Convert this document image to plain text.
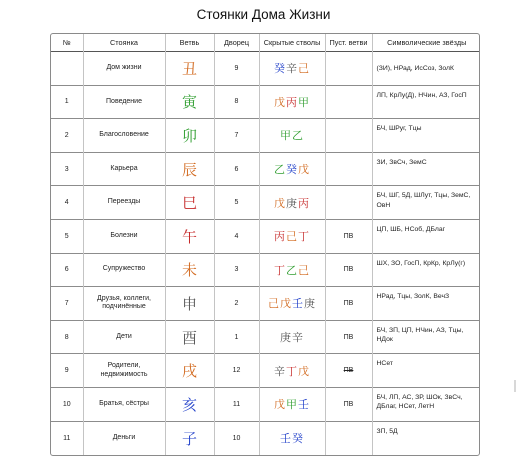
Стоянки Дома Жизни
№	Стоянка	Ветвь	Дворец	Скрытые стволы	Пуст. ветви	Символические звёзды
	Дом жизни	丑	9	癸辛己		(ЗИ), НРад, ИсСоз, ЗолК
1	Поведение	寅	8	戊丙甲		ЛП, КрЛу(Д), НЧин, АЗ, ГосП
2	Благословение	卯	7	甲乙		БЧ, ШРуг, Тцы
3	Карьера	辰	6	乙癸戊		ЗИ, ЗвСч, ЗемС
4	Переезды	巳	5	戊庚丙		БЧ, ШГ, 5Д, ШЛут, Тцы, ЗемС, ОвН
5	Болезни	午	4	丙己丁	ПВ	ЦП, ШБ, НСоб, ДБлаг
6	Супружество	未	3	丁乙己	ПВ	ШХ, ЗО, ГосП, КрКр, КрЛу(г)
7	Друзья, коллеги, подчинённые	申	2	己戊壬庚	ПВ	НРад, Тцы, ЗолК, ВечЗ
8	Дети	酉	1	庚辛	ПВ	БЧ, ЗП, ЦП, НЧин, АЗ, Тцы, НДок
9	Родители, недвижимость	戌	12	辛丁戊	ПВ	НСет
10	Братья, сёстры	亥	11	戊甲壬	ПВ	БЧ, ЛП, АС, ЗР, ШОк, ЗвСч, ДБлаг, НСет, ЛетН
11	Деньги	子	10	壬癸		ЗП, 5Д
